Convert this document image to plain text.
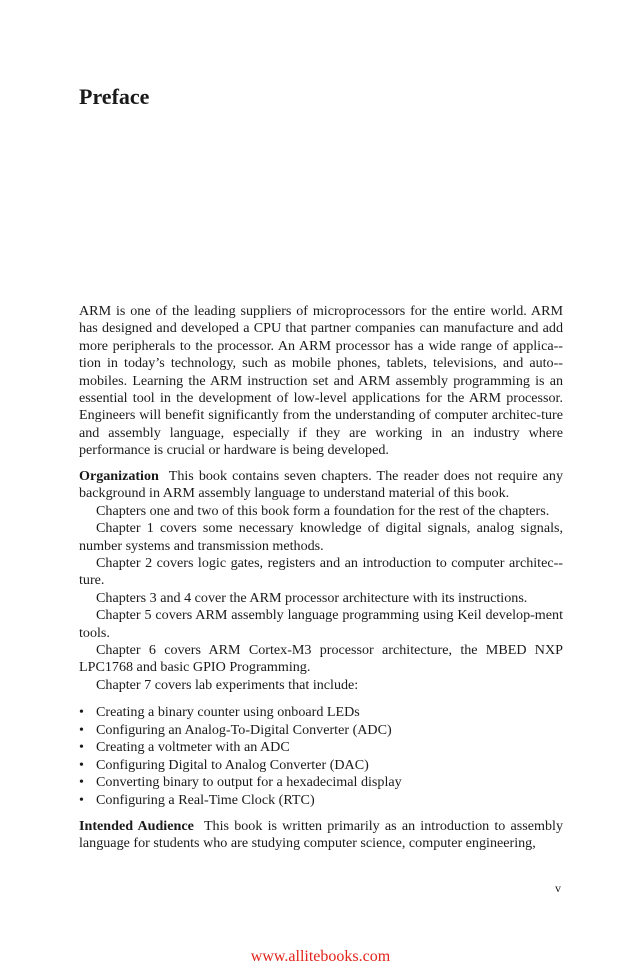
Preface

ARM is one of the leading suppliers of microprocessors for the entire world. ARM has designed and developed a CPU that partner companies can manufacture and add more peripherals to the processor. An ARM processor has a wide range of applica-tion in today’s technology, such as mobile phones, tablets, televisions, and auto-mobiles. Learning the ARM instruction set and ARM assembly programming is an essential tool in the development of low-level applications for the ARM processor. Engineers will benefit significantly from the understanding of computer architec-ture and assembly language, especially if they are working in an industry where performance is crucial or hardware is being developed.

Organization This book contains seven chapters. The reader does not require any background in ARM assembly language to understand material of this book.

Chapters one and two of this book form a foundation for the rest of the chapters.

Chapter 1 covers some necessary knowledge of digital signals, analog signals, number systems and transmission methods.

Chapter 2 covers logic gates, registers and an introduction to computer architec-ture.

Chapters 3 and 4 cover the ARM processor architecture with its instructions.

Chapter 5 covers ARM assembly language programming using Keil develop-ment tools.

Chapter 6 covers ARM Cortex-M3 processor architecture, the MBED NXP LPC1768 and basic GPIO Programming.

Chapter 7 covers lab experiments that include:

• Creating a binary counter using onboard LEDs
• Configuring an Analog-To-Digital Converter (ADC)
• Creating a voltmeter with an ADC
• Configuring Digital to Analog Converter (DAC)
• Converting binary to output for a hexadecimal display
• Configuring a Real-Time Clock (RTC)

Intended Audience This book is written primarily as an introduction to assembly language for students who are studying computer science, computer engineering,

v
www.allitebooks.com
